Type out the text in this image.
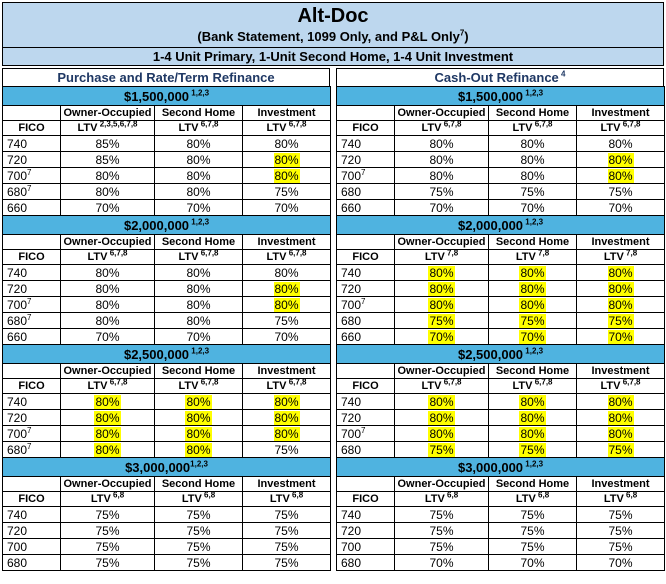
Alt-Doc
(Bank Statement, 1099 Only, and P&L Only$^7$)
1-4 Unit Primary, 1-Unit Second Home, 1-4 Unit Investment
Purchase and Rate/Term Refinance
$1,500,000 $^{1,2,3}$
	Owner-Occupied	Second Home	Investment
FICO	LTV $^{2,3,5,6,7,8}$	LTV $^{6,7,8}$	LTV $^{6,7,8}$
740	85%	80%	80%
720	85%	80%	80%
$700^7$	80%	80%	80%
$680^7$	80%	80%	75%
660	70%	70%	70%
$2,000,000 $^{1,2,3}$
	Owner-Occupied	Second Home	Investment
FICO	LTV $^{6,7,8}$	LTV $^{6,7,8}$	LTV $^{6,7,8}$
740	80%	80%	80%
720	80%	80%	80%
$700^7$	80%	80%	80%
$680^7$	80%	80%	75%
660	70%	70%	70%
$2,500,000 $^{1,2,3}$
	Owner-Occupied	Second Home	Investment
FICO	LTV $^{6,7,8}$	LTV $^{6,7,8}$	LTV $^{6,7,8}$
740	80%	80%	80%
720	80%	80%	80%
$700^7$	80%	80%	80%
$680^7$	80%	80%	75%
$3,000,000$^{1,2,3}$
	Owner-Occupied	Second Home	Investment
FICO	LTV $^{6,8}$	LTV $^{6,8}$	LTV $^{6,8}$
740	75%	75%	75%
720	75%	75%	75%
700	75%	75%	75%
680	75%	75%	75%
Cash-Out Refinance $^4$
$1,500,000 $^{1,2,3}$
	Owner-Occupied	Second Home	Investment
FICO	LTV $^{6,7,8}$	LTV $^{6,7,8}$	LTV $^{6,7,8}$
740	80%	80%	80%
720	80%	80%	80%
$700^7$	80%	80%	80%
680	75%	75%	75%
660	70%	70%	70%
$2,000,000 $^{1,2,3}$
	Owner-Occupied	Second Home	Investment
FICO	LTV $^{7,8}$	LTV $^{7,8}$	LTV $^{7,8}$
740	80%	80%	80%
720	80%	80%	80%
$700^7$	80%	80%	80%
680	75%	75%	75%
660	70%	70%	70%
$2,500,000 $^{1,2,3}$
	Owner-Occupied	Second Home	Investment
FICO	LTV $^{6,7,8}$	LTV $^{6,7,8}$	LTV $^{6,7,8}$
740	80%	80%	80%
720	80%	80%	80%
$700^7$	80%	80%	80%
680	75%	75%	75%
$3,000,000 $^{1,2,3}$
	Owner-Occupied	Second Home	Investment
FICO	LTV $^{6,8}$	LTV $^{6,8}$	LTV $^{6,8}$
740	75%	75%	75%
720	75%	75%	75%
700	75%	75%	75%
680	70%	70%	70%
